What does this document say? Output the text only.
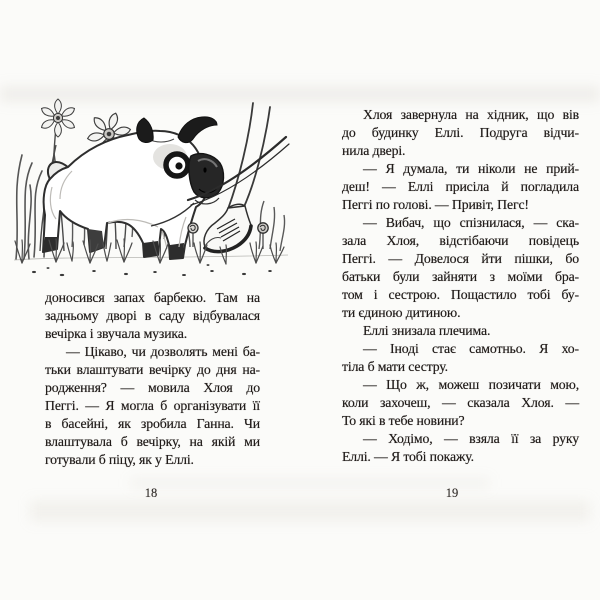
доносився запах барбекю. Там на
задньому дворі в саду відбувалася
вечірка і звучала музика.
— Цікаво, чи дозволять мені ба-
тьки влаштувати вечірку до дня на-
родження? — мовила Хлоя до
Пеггі. — Я могла б організувати її
в басейні, як зробила Ганна. Чи
влаштувала б вечірку, на якій ми
готували б піцу, як у Еллі.
18
Хлоя завернула на хідник, що вів
до будинку Еллі. Подруга відчи-
нила двері.
— Я думала, ти ніколи не прий-
деш! — Еллі присіла й погладила
Пеггі по голові. — Привіт, Пегс!
— Вибач, що спізнилася, — ска-
зала Хлоя, відстібаючи повідець
Пеггі. — Довелося йти пішки, бо
батьки були зайняти з моїми бра-
том і сестрою. Пощастило тобі бу-
ти єдиною дитиною.
Еллі знизала плечима.
— Іноді стає самотньо. Я хо-
тіла б мати сестру.
— Що ж, можеш позичати мою,
коли захочеш, — сказала Хлоя. —
То які в тебе новини?
— Ходімо, — взяла її за руку
Еллі. — Я тобі покажу.
19
